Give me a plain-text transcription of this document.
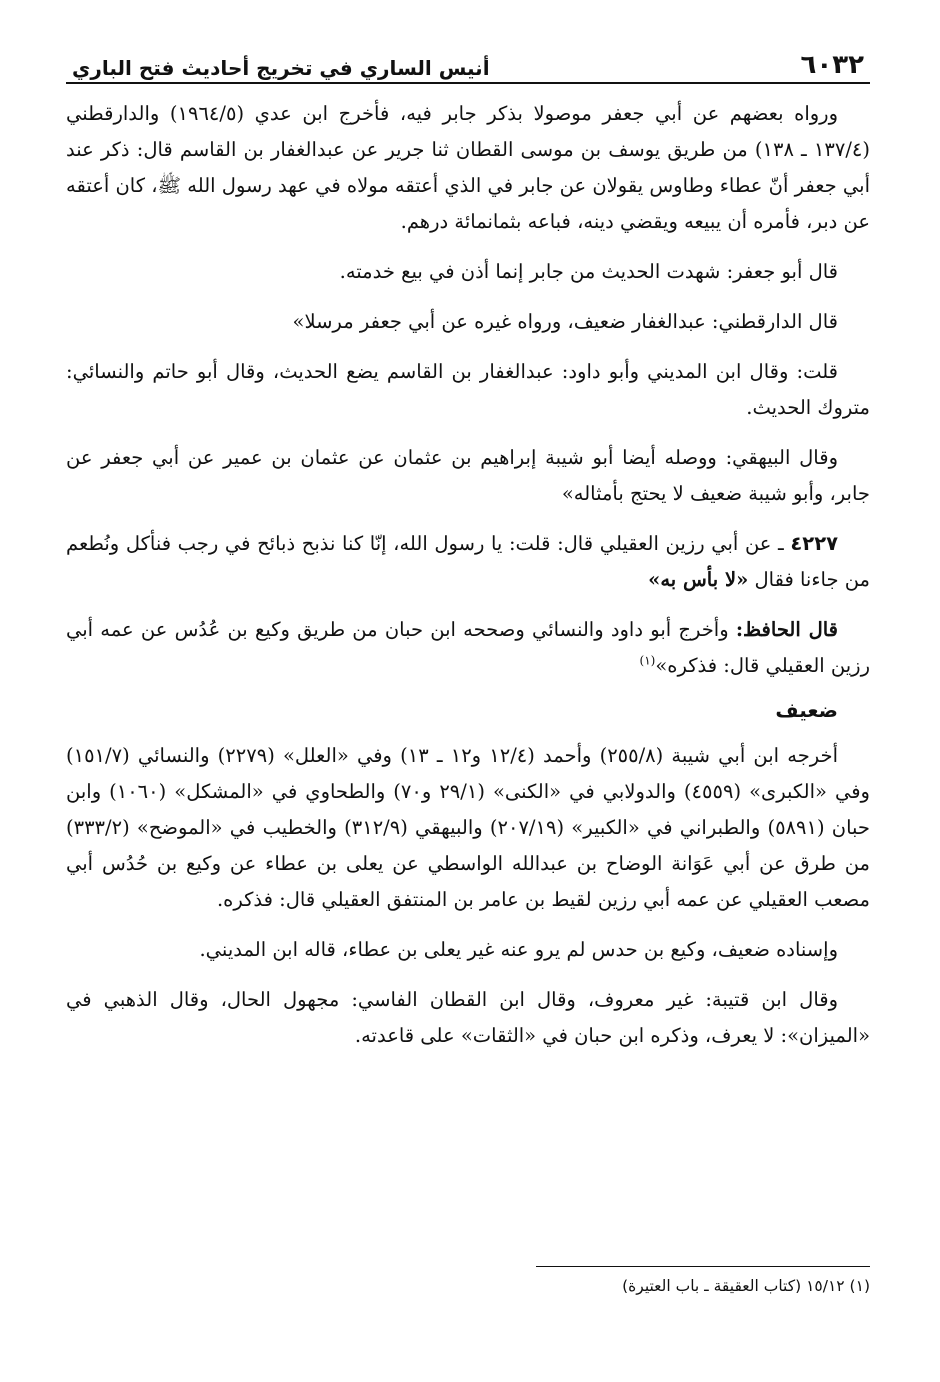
٦٠٣٢
أنيس الساري في تخريج أحاديث فتح الباري

ورواه بعضهم عن أبي جعفر موصولا بذكر جابر فيه، فأخرج ابن عدي (١٩٦٤/٥) والدارقطني (١٣٧/٤ ـ ١٣٨) من طريق يوسف بن موسى القطان ثنا جرير عن عبدالغفار بن القاسم قال: ذكر عند أبي جعفر أنّ عطاء وطاوس يقولان عن جابر في الذي أعتقه مولاه في عهد رسول الله ﷺ، كان أعتقه عن دبر، فأمره أن يبيعه ويقضي دينه، فباعه بثمانمائة درهم.

قال أبو جعفر: شهدت الحديث من جابر إنما أذن في بيع خدمته.

قال الدارقطني: عبدالغفار ضعيف، ورواه غيره عن أبي جعفر مرسلا»

قلت: وقال ابن المديني وأبو داود: عبدالغفار بن القاسم يضع الحديث، وقال أبو حاتم والنسائي: متروك الحديث.

وقال البيهقي: ووصله أيضا أبو شيبة إبراهيم بن عثمان عن عثمان بن عمير عن أبي جعفر عن جابر، وأبو شيبة ضعيف لا يحتج بأمثاله»

٤٢٢٧ ـ عن أبي رزين العقيلي قال: قلت: يا رسول الله، إنّا كنا نذبح ذبائح في رجب فنأكل ونُطعم من جاءنا فقال «لا بأس به»

قال الحافظ: وأخرج أبو داود والنسائي وصححه ابن حبان من طريق وكيع بن عُدُس عن عمه أبي رزين العقيلي قال: فذكره»$^{(١)}$

ضعيف

أخرجه ابن أبي شيبة (٢٥٥/٨) وأحمد (١٢/٤ و١٢ ـ ١٣) وفي «العلل» (٢٢٧٩) والنسائي (١٥١/٧) وفي «الكبرى» (٤٥٥٩) والدولابي في «الكنى» (٢٩/١ و٧٠) والطحاوي في «المشكل» (١٠٦٠) وابن حبان (٥٨٩١) والطبراني في «الكبير» (٢٠٧/١٩) والبيهقي (٣١٢/٩) والخطيب في «الموضح» (٣٣٣/٢) من طرق عن أبي عَوَانة الوضاح بن عبدالله الواسطي عن يعلى بن عطاء عن وكيع بن حُدُس أبي مصعب العقيلي عن عمه أبي رزين لقيط بن عامر بن المنتفق العقيلي قال: فذكره.

وإسناده ضعيف، وكيع بن حدس لم يرو عنه غير يعلى بن عطاء، قاله ابن المديني.

وقال ابن قتيبة: غير معروف، وقال ابن القطان الفاسي: مجهول الحال، وقال الذهبي في «الميزان»: لا يعرف، وذكره ابن حبان في «الثقات» على قاعدته.

(١) ١٥/١٢ (كتاب العقيقة ـ باب العتيرة)
